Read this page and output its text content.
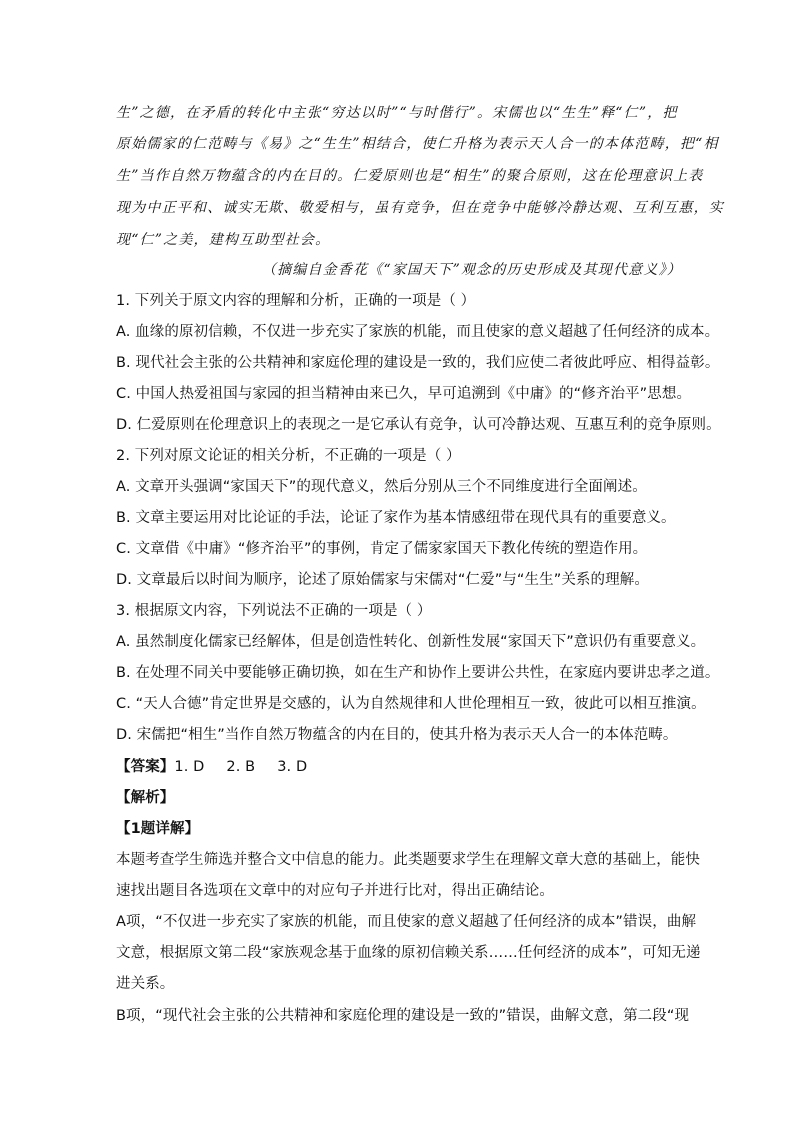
生”之德，在矛盾的转化中主张“穷达以时”“与时偕行”。宋儒也以“生生”释“仁”，把
原始儒家的仁范畴与《易》之“生生”相结合，使仁升格为表示天人合一的本体范畴，把“相
生”当作自然万物蕴含的内在目的。仁爱原则也是“相生”的聚合原则，这在伦理意识上表
现为中正平和、诚实无欺、敬爱相与，虽有竞争，但在竞争中能够冷静达观、互利互惠，实
现“仁”之美，建构互助型社会。
（摘编自金香花《“家国天下”观念的历史形成及其现代意义》）
1. 下列关于原文内容的理解和分析，正确的一项是（ ）
A. 血缘的原初信赖，不仅进一步充实了家族的机能，而且使家的意义超越了任何经济的成本。
B. 现代社会主张的公共精神和家庭伦理的建设是一致的，我们应使二者彼此呼应、相得益彰。
C. 中国人热爱祖国与家园的担当精神由来已久，早可追溯到《中庸》的“修齐治平”思想。
D. 仁爱原则在伦理意识上的表现之一是它承认有竞争，认可冷静达观、互惠互利的竞争原则。
2. 下列对原文论证的相关分析，不正确的一项是（ ）
A. 文章开头强调“家国天下”的现代意义，然后分别从三个不同维度进行全面阐述。
B. 文章主要运用对比论证的手法，论证了家作为基本情感纽带在现代具有的重要意义。
C. 文章借《中庸》“修齐治平”的事例，肯定了儒家家国天下教化传统的塑造作用。
D. 文章最后以时间为顺序，论述了原始儒家与宋儒对“仁爱”与“生生”关系的理解。
3. 根据原文内容，下列说法不正确的一项是（ ）
A. 虽然制度化儒家已经解体，但是创造性转化、创新性发展“家国天下”意识仍有重要意义。
B. 在处理不同关中要能够正确切换，如在生产和协作上要讲公共性，在家庭内要讲忠孝之道。
C. “天人合德”肯定世界是交感的，认为自然规律和人世伦理相互一致，彼此可以相互推演。
D. 宋儒把“相生”当作自然万物蕴含的内在目的，使其升格为表示天人合一的本体范畴。
【答案】1. D 2. B 3. D
【解析】
【1题详解】
本题考查学生筛选并整合文中信息的能力。此类题要求学生在理解文章大意的基础上，能快
速找出题目各选项在文章中的对应句子并进行比对，得出正确结论。
A项，“不仅进一步充实了家族的机能，而且使家的意义超越了任何经济的成本”错误，曲解
文意，根据原文第二段“家族观念基于血缘的原初信赖关系……任何经济的成本”，可知无递
进关系。
B项，“现代社会主张的公共精神和家庭伦理的建设是一致的”错误，曲解文意，第二段“现
